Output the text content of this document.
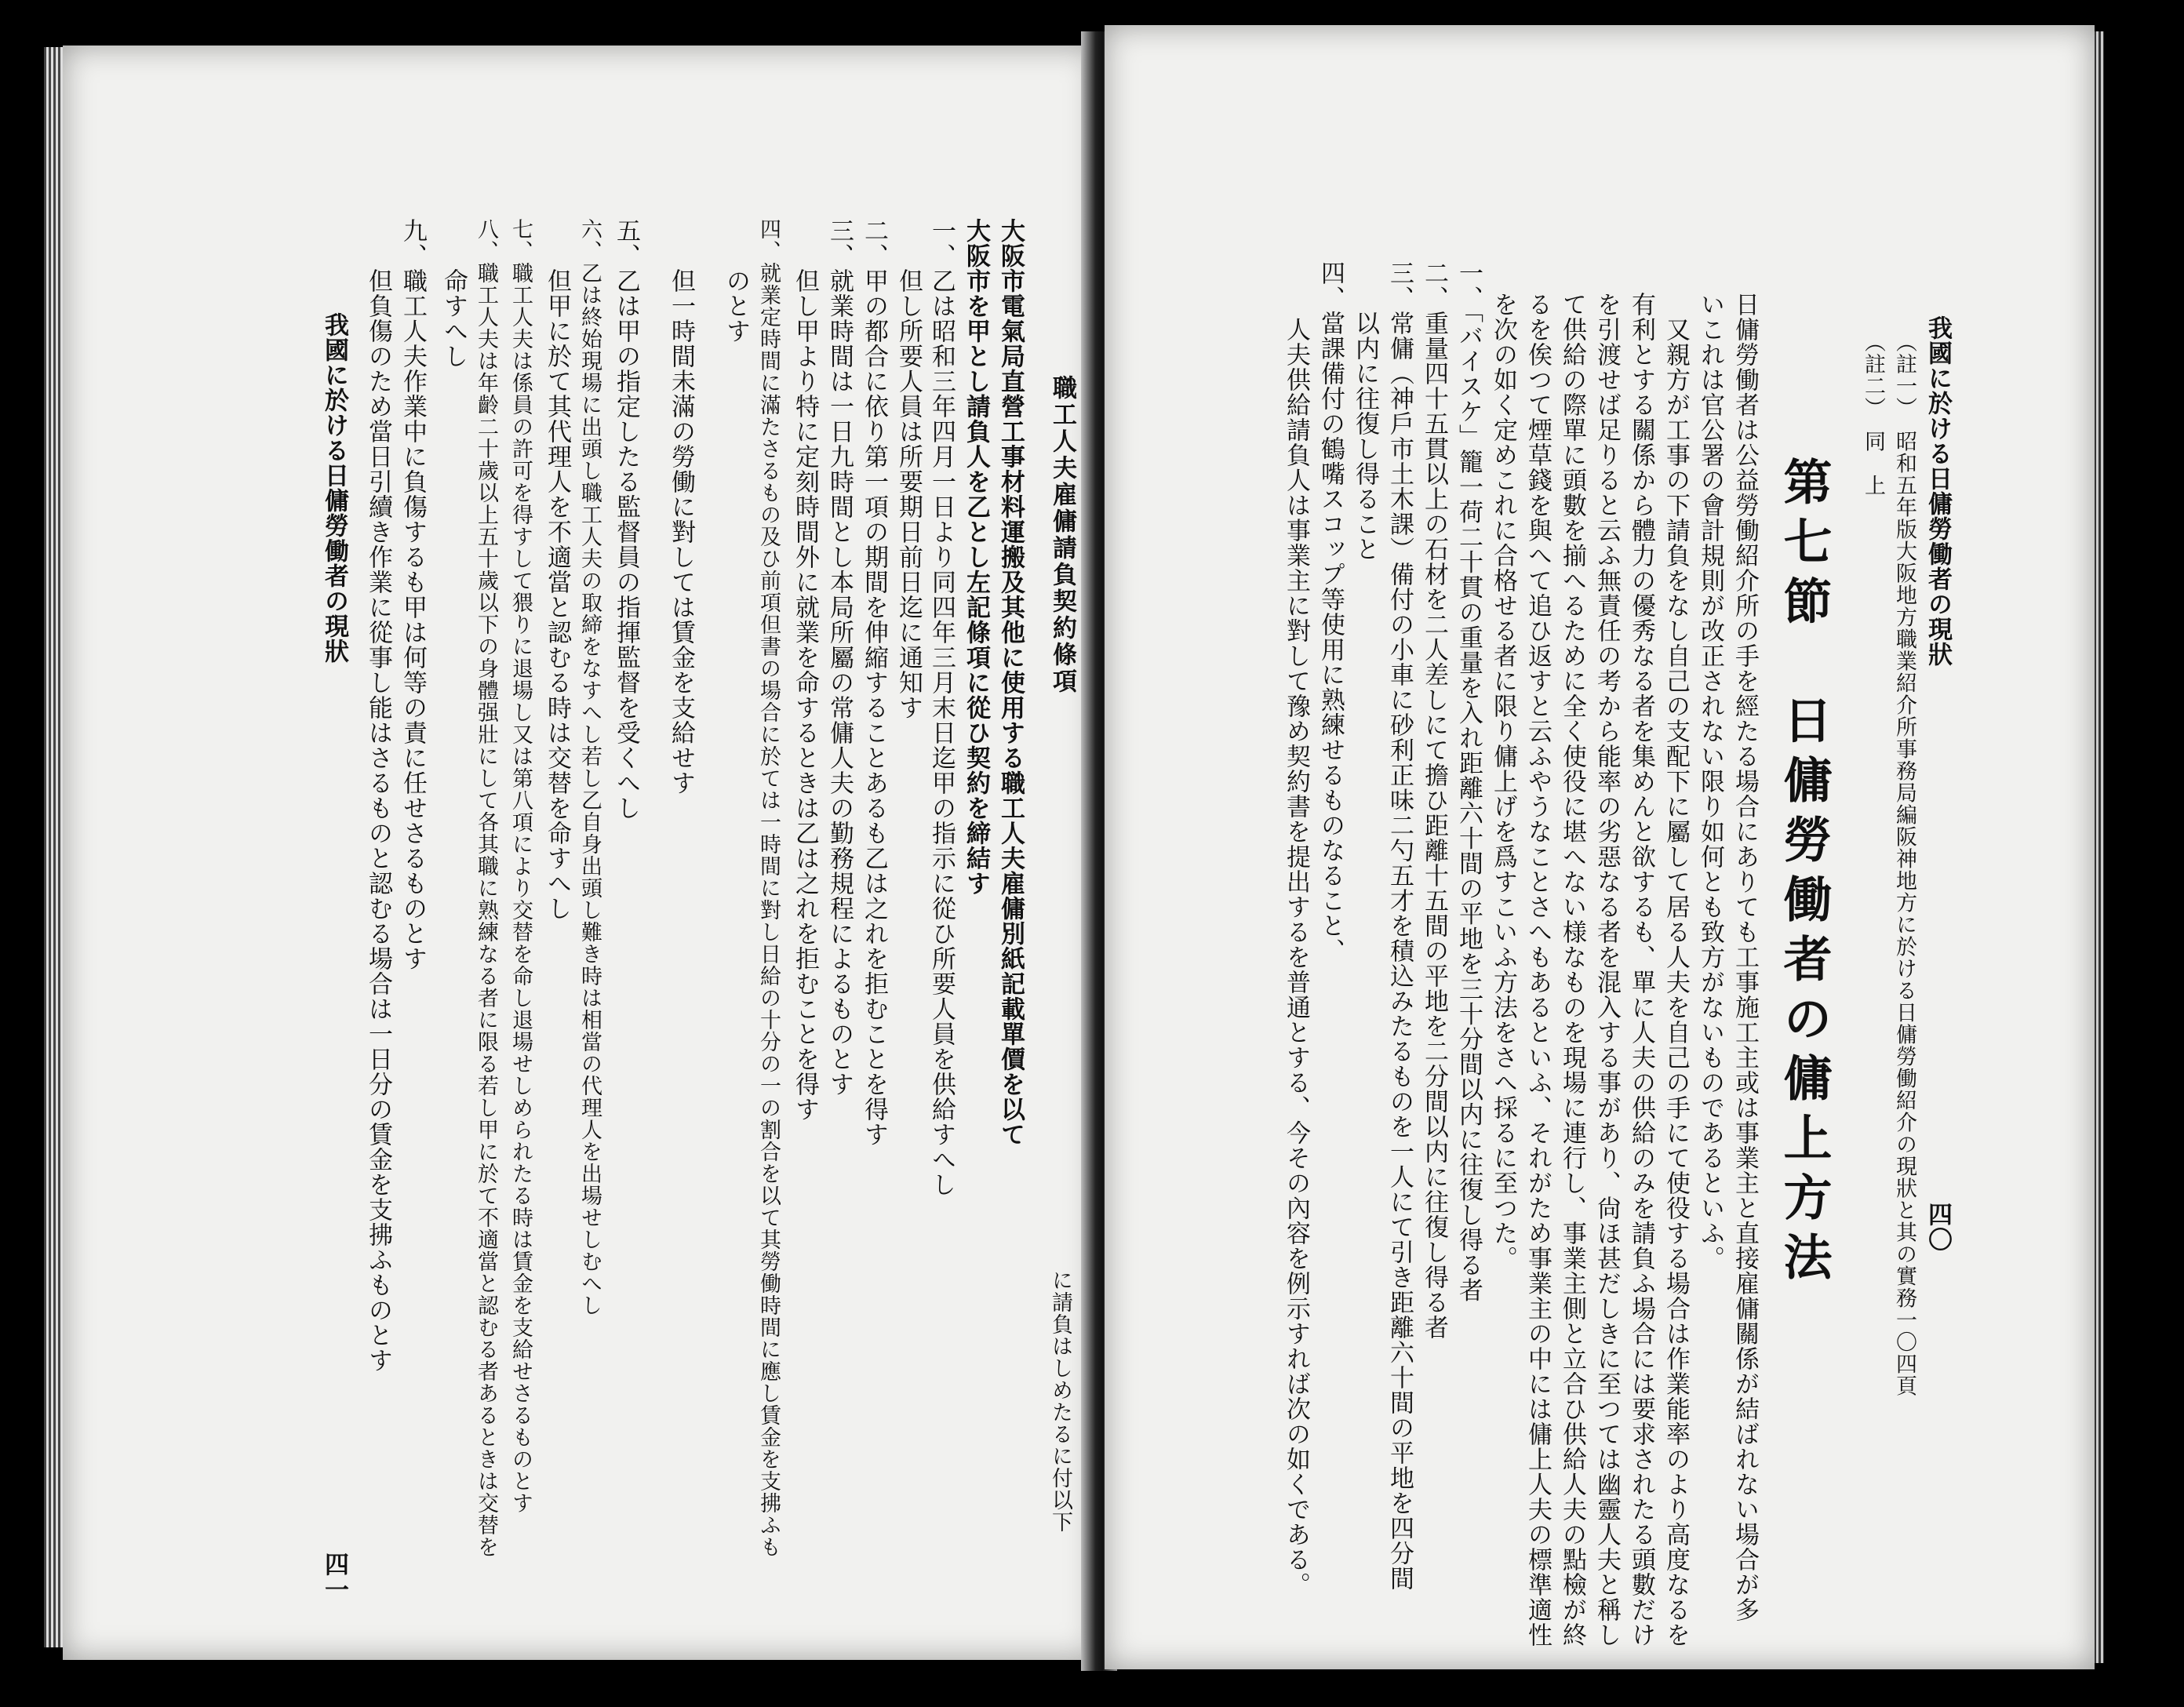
職工人夫雇傭請負契約條項
に請負はしめたるに付以下
大阪市電氣局直營工事材料運搬及其他に使用する職工人夫雇傭別紙記載單價を以て
大阪市を甲とし請負人を乙とし左記條項に從ひ契約を締結す
一、乙は昭和三年四月一日より同四年三月末日迄甲の指示に從ひ所要人員を供給すへし
　　但し所要人員は所要期日前日迄に通知す
二、甲の都合に依り第一項の期間を伸縮することあるも乙は之れを拒むことを得す
三、就業時間は一日九時間とし本局所屬の常傭人夫の勤務規程によるものとす
　　但し甲より特に定刻時間外に就業を命するときは乙は之れを拒むことを得す
四、就業定時間に滿たさるもの及ひ前項但書の場合に於ては一時間に對し日給の十分の一の割合を以て其勞働時間に應し賃金を支拂ふも
　　のとす
　　但一時間未滿の勞働に對しては賃金を支給せす
五、乙は甲の指定したる監督員の指揮監督を受くへし
六、乙は終始現場に出頭し職工人夫の取締をなすへし若し乙自身出頭し難き時は相當の代理人を出場せしむへし
　　但甲に於て其代理人を不適當と認むる時は交替を命すへし
七、職工人夫は係員の許可を得すして猥りに退場し又は第八項により交替を命し退場せしめられたる時は賃金を支給せさるものとす
八、職工人夫は年齡二十歲以上五十歲以下の身體强壯にして各其職に熟練なる者に限る若し甲に於て不適當と認むる者あるときは交替を
　　命すへし
九、職工人夫作業中に負傷するも甲は何等の責に任せさるものとす
　　但負傷のため當日引續き作業に從事し能はさるものと認むる場合は一日分の賃金を支拂ふものとす
我國に於ける日傭勞働者の現狀
四一
我國に於ける日傭勞働者の現狀
四〇
（註一）　昭和五年版大阪地方職業紹介所事務局編阪神地方に於ける日傭勞働紹介の現狀と其の實務一〇四頁
（註二）　同　上
第七節　日傭勞働者の傭上方法
日傭勞働者は公益勞働紹介所の手を經たる場合にありても工事施工主或は事業主と直接雇傭關係が結ばれない場合が多
いこれは官公署の會計規則が改正されない限り如何とも致方がないものであるといふ。
　又親方が工事の下請負をなし自己の支配下に屬して居る人夫を自己の手にて使役する場合は作業能率のより高度なるを
有利とする關係から體力の優秀なる者を集めんと欲するも、單に人夫の供給のみを請負ふ場合には要求されたる頭數だけ
を引渡せば足りると云ふ無責任の考から能率の劣惡なる者を混入する事があり、尙ほ甚だしきに至つては幽靈人夫と稱し
て供給の際單に頭數を揃へるために全く使役に堪へない様なものを現場に連行し、事業主側と立合ひ供給人夫の點檢が終
るを俟つて煙草錢を與へて追ひ返すと云ふやうなことさへもあるといふ、それがため事業主の中には傭上人夫の標準適性
を次の如く定めこれに合格せる者に限り傭上げを爲すこいふ方法をさへ採るに至つた。
一、「バイスケ」籠一荷二十貫の重量を入れ距離六十間の平地を三十分間以内に往復し得る者
二、重量四十五貫以上の石材を二人差しにて擔ひ距離十五間の平地を二分間以内に往復し得る者
三、常傭（神戶市土木課）備付の小車に砂利正味二勺五才を積込みたるものを一人にて引き距離六十間の平地を四分間
　　以内に往復し得ること
四、當課備付の鶴嘴スコップ等使用に熟練せるものなること、
　人夫供給請負人は事業主に對して豫め契約書を提出するを普通とする、今その內容を例示すれば次の如くである。
